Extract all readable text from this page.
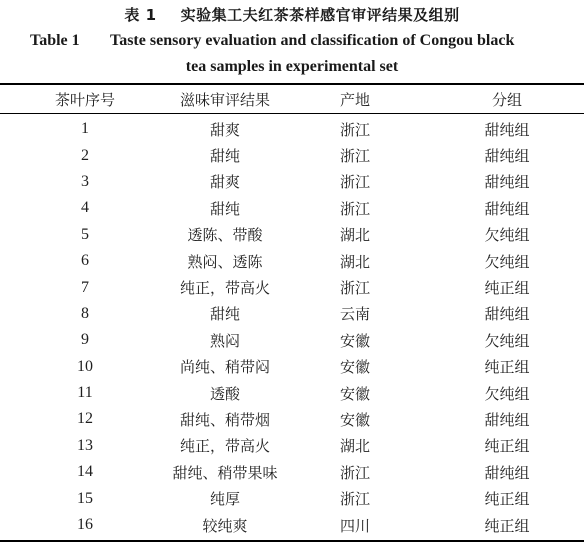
表 1 实验集工夫红茶茶样感官审评结果及组别
Table 1 Taste sensory evaluation and classification of Congou black
tea samples in experimental set
茶叶序号	滋味审评结果	产地	分组
1	甜爽	浙江	甜纯组
2	甜纯	浙江	甜纯组
3	甜爽	浙江	甜纯组
4	甜纯	浙江	甜纯组
5	透陈、带酸	湖北	欠纯组
6	熟闷、透陈	湖北	欠纯组
7	纯正，带高火	浙江	纯正组
8	甜纯	云南	甜纯组
9	熟闷	安徽	欠纯组
10	尚纯、稍带闷	安徽	纯正组
11	透酸	安徽	欠纯组
12	甜纯、稍带烟	安徽	甜纯组
13	纯正，带高火	湖北	纯正组
14	甜纯、稍带果味	浙江	甜纯组
15	纯厚	浙江	纯正组
16	较纯爽	四川	纯正组
